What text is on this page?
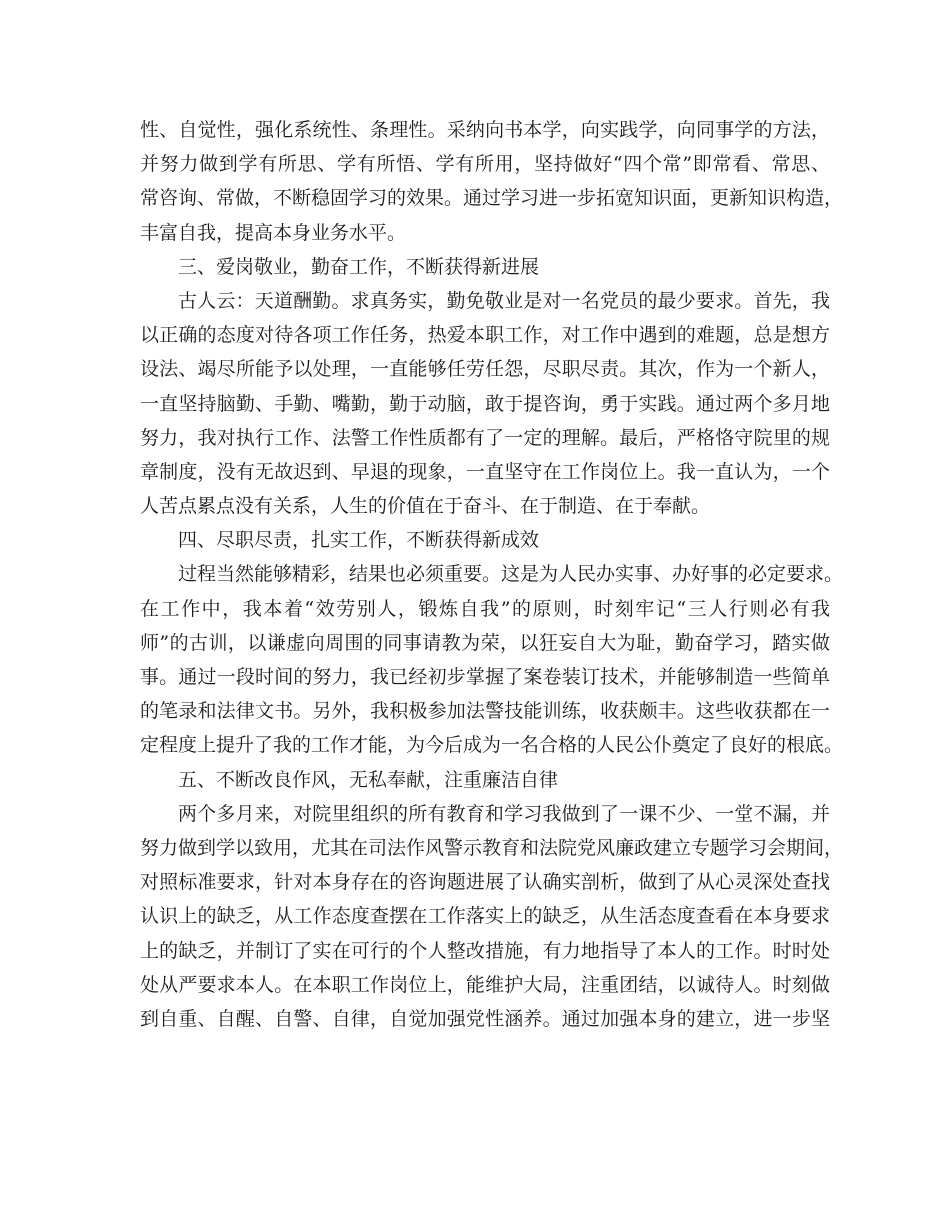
性、自觉性，强化系统性、条理性。采纳向书本学，向实践学，向同事学的方法，
并努力做到学有所思、学有所悟、学有所用，坚持做好“四个常”即常看、常思、
常咨询、常做，不断稳固学习的效果。通过学习进一步拓宽知识面，更新知识构造，
丰富自我，提高本身业务水平。
三、爱岗敬业，勤奋工作，不断获得新进展
古人云：天道酬勤。求真务实，勤免敬业是对一名党员的最少要求。首先，我
以正确的态度对待各项工作任务，热爱本职工作，对工作中遇到的难题，总是想方
设法、竭尽所能予以处理，一直能够任劳任怨，尽职尽责。其次，作为一个新人，
一直坚持脑勤、手勤、嘴勤，勤于动脑，敢于提咨询，勇于实践。通过两个多月地
努力，我对执行工作、法警工作性质都有了一定的理解。最后，严格恪守院里的规
章制度，没有无故迟到、早退的现象，一直坚守在工作岗位上。我一直认为，一个
人苦点累点没有关系，人生的价值在于奋斗、在于制造、在于奉献。
四、尽职尽责，扎实工作，不断获得新成效
过程当然能够精彩，结果也必须重要。这是为人民办实事、办好事的必定要求。
在工作中，我本着“效劳别人，锻炼自我”的原则，时刻牢记“三人行则必有我
师”的古训，以谦虚向周围的同事请教为荣，以狂妄自大为耻，勤奋学习，踏实做
事。通过一段时间的努力，我已经初步掌握了案卷装订技术，并能够制造一些简单
的笔录和法律文书。另外，我积极参加法警技能训练，收获颇丰。这些收获都在一
定程度上提升了我的工作才能，为今后成为一名合格的人民公仆奠定了良好的根底。
五、不断改良作风，无私奉献，注重廉洁自律
两个多月来，对院里组织的所有教育和学习我做到了一课不少、一堂不漏，并
努力做到学以致用，尤其在司法作风警示教育和法院党风廉政建立专题学习会期间，
对照标准要求，针对本身存在的咨询题进展了认确实剖析，做到了从心灵深处查找
认识上的缺乏，从工作态度查摆在工作落实上的缺乏，从生活态度查看在本身要求
上的缺乏，并制订了实在可行的个人整改措施，有力地指导了本人的工作。时时处
处从严要求本人。在本职工作岗位上，能维护大局，注重团结，以诚待人。时刻做
到自重、自醒、自警、自律，自觉加强党性涵养。通过加强本身的建立，进一步坚
